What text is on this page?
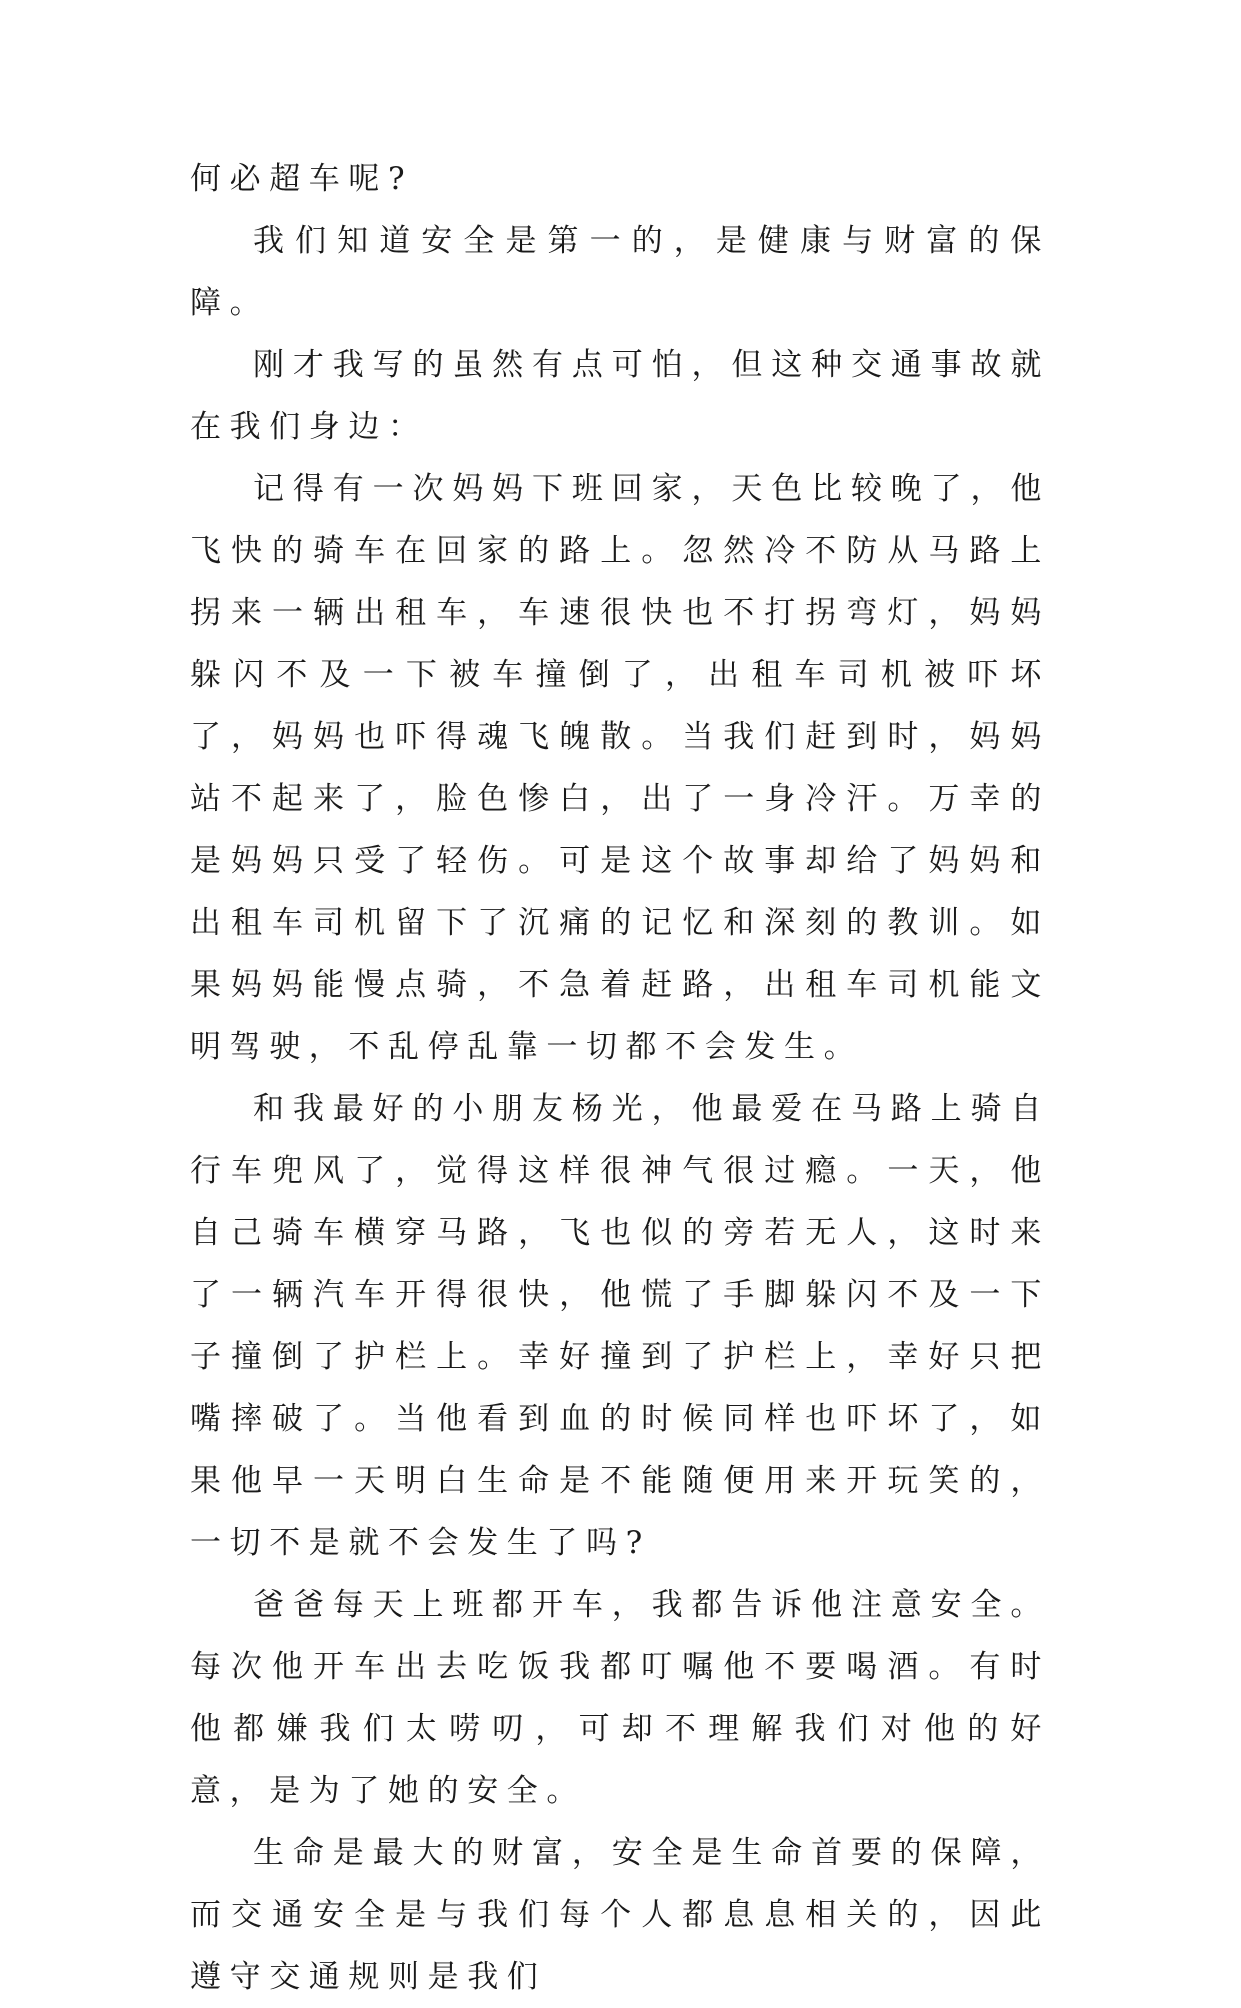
何必超车呢?

我们知道安全是第一的，是健康与财富的保障。

刚才我写的虽然有点可怕，但这种交通事故就在我们身边：

记得有一次妈妈下班回家，天色比较晚了，他飞快的骑车在回家的路上。忽然冷不防从马路上拐来一辆出租车，车速很快也不打拐弯灯，妈妈躲闪不及一下被车撞倒了，出租车司机被吓坏了，妈妈也吓得魂飞魄散。当我们赶到时，妈妈站不起来了，脸色惨白，出了一身冷汗。万幸的是妈妈只受了轻伤。可是这个故事却给了妈妈和出租车司机留下了沉痛的记忆和深刻的教训。如果妈妈能慢点骑，不急着赶路，出租车司机能文明驾驶，不乱停乱靠一切都不会发生。

和我最好的小朋友杨光，他最爱在马路上骑自行车兜风了，觉得这样很神气很过瘾。一天，他自己骑车横穿马路，飞也似的旁若无人，这时来了一辆汽车开得很快，他慌了手脚躲闪不及一下子撞倒了护栏上。幸好撞到了护栏上，幸好只把嘴摔破了。当他看到血的时候同样也吓坏了，如果他早一天明白生命是不能随便用来开玩笑的，一切不是就不会发生了吗?

爸爸每天上班都开车，我都告诉他注意安全。每次他开车出去吃饭我都叮嘱他不要喝酒。有时他都嫌我们太唠叨，可却不理解我们对他的好意，是为了她的安全。

生命是最大的财富，安全是生命首要的保障，而交通安全是与我们每个人都息息相关的，因此遵守交通规则是我们
